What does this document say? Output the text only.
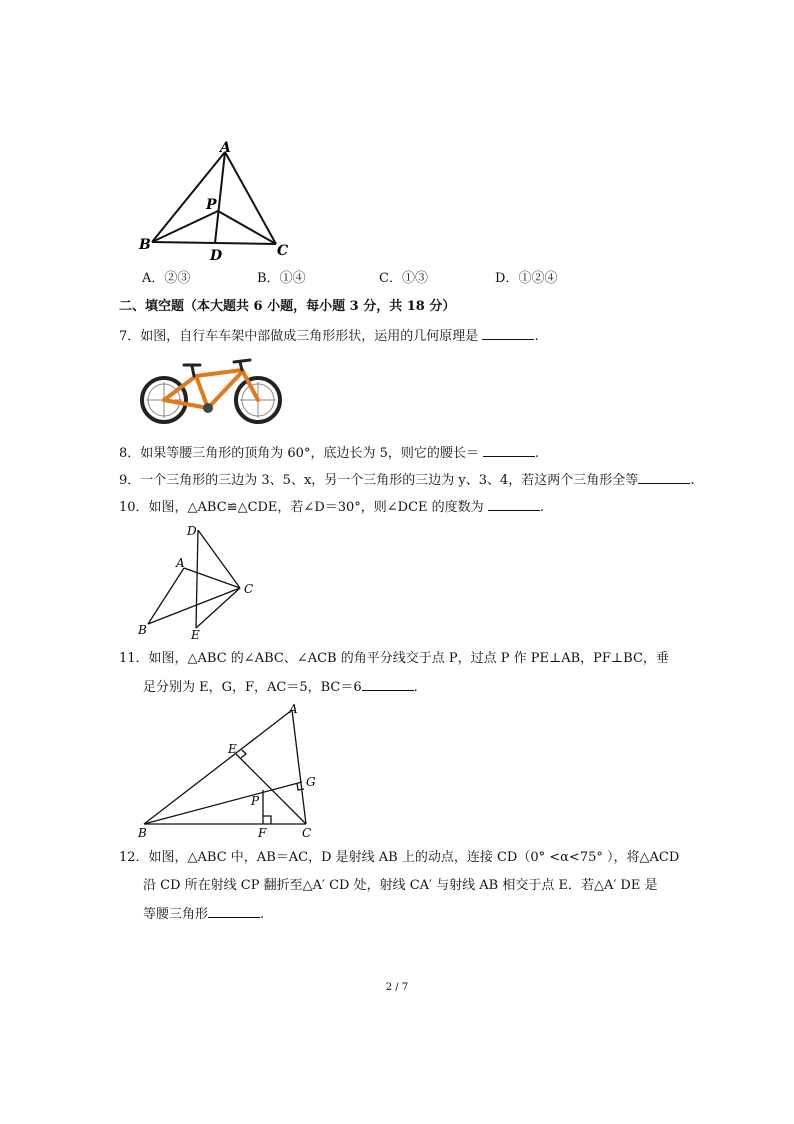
A
B	C
P
D
A．②③	B．①④	C．①③	D．①②④
二、填空题（本大题共 6 小题，每小题 3 分，共 18 分）
7．如图，自行车车架中部做成三角形形状，运用的几何原理是	.
8．如果等腰三角形的顶角为 60°，底边长为 5，则它的腰长＝	.
9．一个三角形的三边为 3、5、x，另一个三角形的三边为 y、3、4，若这两个三角形全等	.
10．如图，△ABC≌△CDE，若∠D＝30°，则∠DCE 的度数为	.
D
A
C
B	E
11．如图，△ABC 的∠ABC、∠ACB 的角平分线交于点 P，过点 P 作 PE⊥AB，PF⊥BC，垂
足分别为 E，G，F，AC＝5，BC＝6	.
A
E
G
P
B	F	C
12．如图，△ABC 中，AB＝AC，D 是射线 AB 上的动点，连接 CD（0° <α<75° ），将△ACD
沿 CD 所在射线 CP 翻折至△A′ CD 处，射线 CA′ 与射线 AB 相交于点 E．若△A′ DE 是
等腰三角形	.
2 / 7
